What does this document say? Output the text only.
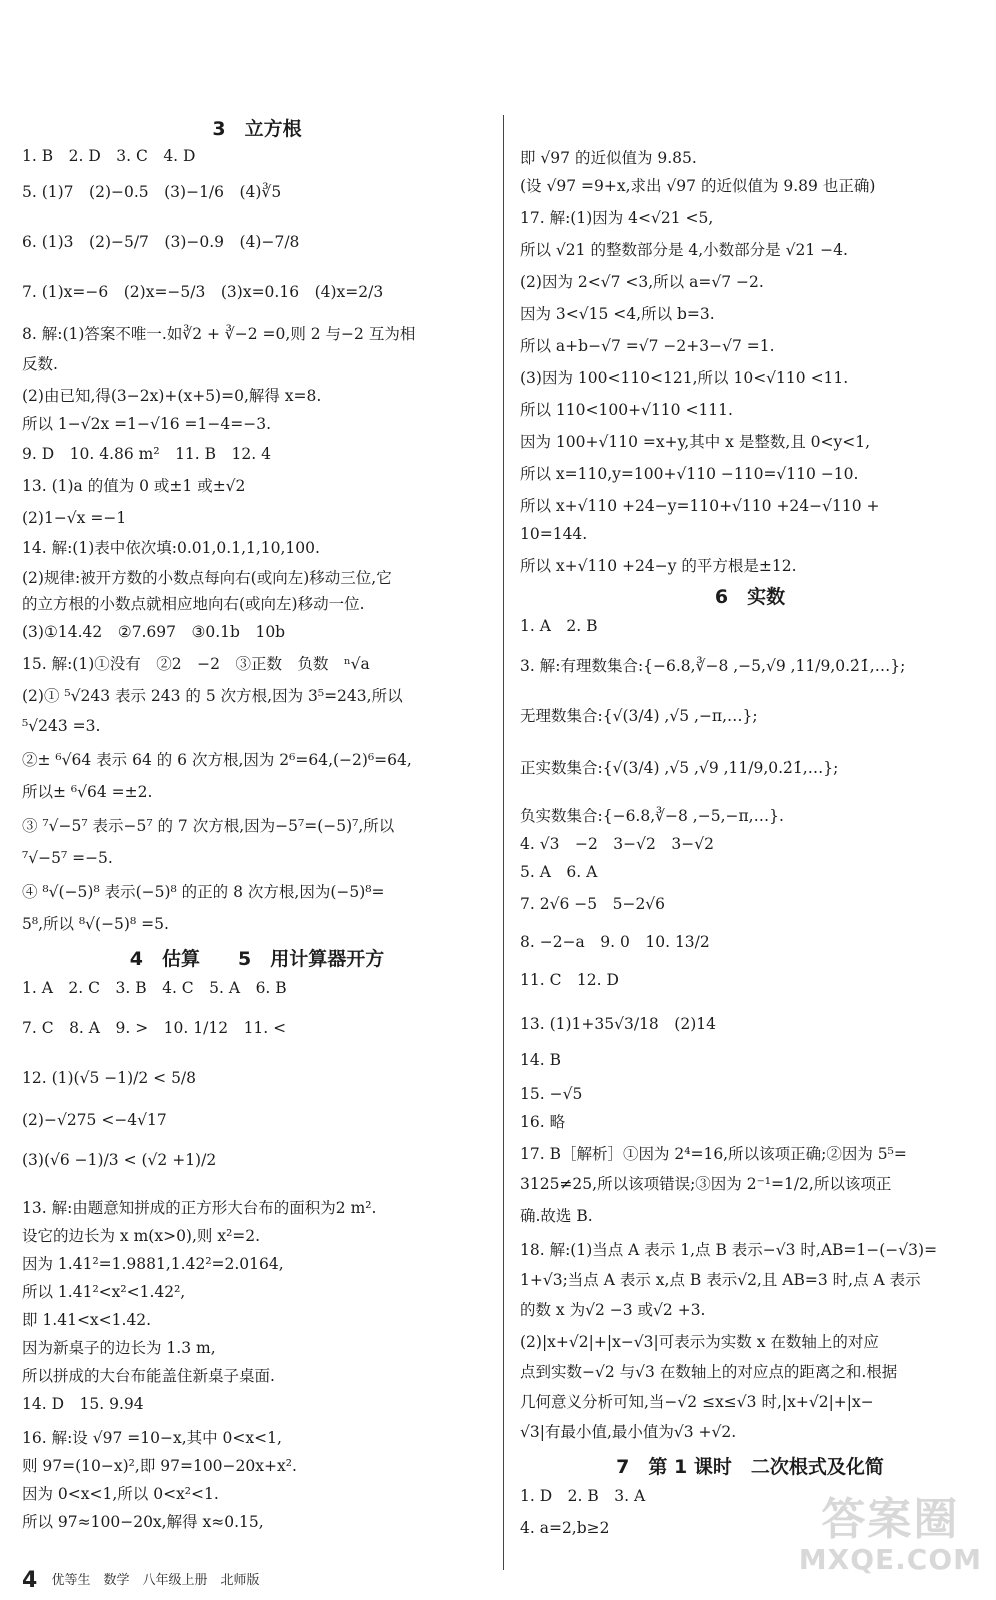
3　立方根
1. B　2. D　3. C　4. D
5. (1)7　(2)−0.5　(3)−1/6　(4)∛5
6. (1)3　(2)−5/7　(3)−0.9　(4)−7/8
7. (1)x=−6　(2)x=−5/3　(3)x=0.16　(4)x=2/3
8. 解:(1)答案不唯一.如∛2 + ∛−2 =0,则 2 与−2 互为相
反数.
(2)由已知,得(3−2x)+(x+5)=0,解得 x=8.
所以 1−√2x =1−√16 =1−4=−3.
9. D　10. 4.86 m²　11. B　12. 4
13. (1)a 的值为 0 或±1 或±√2
(2)1−√x =−1
14. 解:(1)表中依次填:0.01,0.1,1,10,100.
(2)规律:被开方数的小数点每向右(或向左)移动三位,它
的立方根的小数点就相应地向右(或向左)移动一位.
(3)①14.42　②7.697　③0.1b　10b
15. 解:(1)①没有　②2　−2　③正数　负数　ⁿ√a
(2)① ⁵√243 表示 243 的 5 次方根,因为 3⁵=243,所以
⁵√243 =3.
②± ⁶√64 表示 64 的 6 次方根,因为 2⁶=64,(−2)⁶=64,
所以± ⁶√64 =±2.
③ ⁷√−5⁷ 表示−5⁷ 的 7 次方根,因为−5⁷=(−5)⁷,所以
⁷√−5⁷ =−5.
④ ⁸√(−5)⁸ 表示(−5)⁸ 的正的 8 次方根,因为(−5)⁸=
5⁸,所以 ⁸√(−5)⁸ =5.
4　估算　　5　用计算器开方
1. A　2. C　3. B　4. C　5. A　6. B
7. C　8. A　9. >　10. 1/12　11. <
12. (1)(√5 −1)/2 < 5/8
(2)−√275 <−4√17
(3)(√6 −1)/3 < (√2 +1)/2
13. 解:由题意知拼成的正方形大台布的面积为2 m².
设它的边长为 x m(x>0),则 x²=2.
因为 1.41²=1.9881,1.42²=2.0164,
所以 1.41²<x²<1.42²,
即 1.41<x<1.42.
因为新桌子的边长为 1.3 m,
所以拼成的大台布能盖住新桌子桌面.
14. D　15. 9.94
16. 解:设 √97 =10−x,其中 0<x<1,
则 97=(10−x)²,即 97=100−20x+x².
因为 0<x<1,所以 0<x²<1.
所以 97≈100−20x,解得 x≈0.15,
即 √97 的近似值为 9.85.
(设 √97 =9+x,求出 √97 的近似值为 9.89 也正确)
17. 解:(1)因为 4<√21 <5,
所以 √21 的整数部分是 4,小数部分是 √21 −4.
(2)因为 2<√7 <3,所以 a=√7 −2.
因为 3<√15 <4,所以 b=3.
所以 a+b−√7 =√7 −2+3−√7 =1.
(3)因为 100<110<121,所以 10<√110 <11.
所以 110<100+√110 <111.
因为 100+√110 =x+y,其中 x 是整数,且 0<y<1,
所以 x=110,y=100+√110 −110=√110 −10.
所以 x+√110 +24−y=110+√110 +24−√110 +
10=144.
所以 x+√110 +24−y 的平方根是±12.
6　实数
1. A　2. B
3. 解:有理数集合:{−6.8,∛−8 ,−5,√9 ,11/9,0.2̇1̇,…};
无理数集合:{√(3/4) ,√5 ,−π,…};
正实数集合:{√(3/4) ,√5 ,√9 ,11/9,0.2̇1̇,…};
负实数集合:{−6.8,∛−8 ,−5,−π,…}.
4. √3　−2　3−√2　3−√2
5. A　6. A
7. 2√6 −5　5−2√6
8. −2−a　9. 0　10. 13/2
11. C　12. D
13. (1)1+35√3/18　(2)14
14. B
15. −√5
16. 略
17. B［解析］①因为 2⁴=16,所以该项正确;②因为 5⁵=
3125≠25,所以该项错误;③因为 2⁻¹=1/2,所以该项正
确.故选 B.
18. 解:(1)当点 A 表示 1,点 B 表示−√3 时,AB=1−(−√3)=
1+√3;当点 A 表示 x,点 B 表示√2,且 AB=3 时,点 A 表示
的数 x 为√2 −3 或√2 +3.
(2)|x+√2|+|x−√3|可表示为实数 x 在数轴上的对应
点到实数−√2 与√3 在数轴上的对应点的距离之和.根据
几何意义分析可知,当−√2 ≤x≤√3 时,|x+√2|+|x−
√3|有最小值,最小值为√3 +√2.
7　第 1 课时　二次根式及化简
1. D　2. B　3. A
4. a=2,b≥2
4 优等生　数学　八年级上册　北师版
答案圈
MXQE.COM
